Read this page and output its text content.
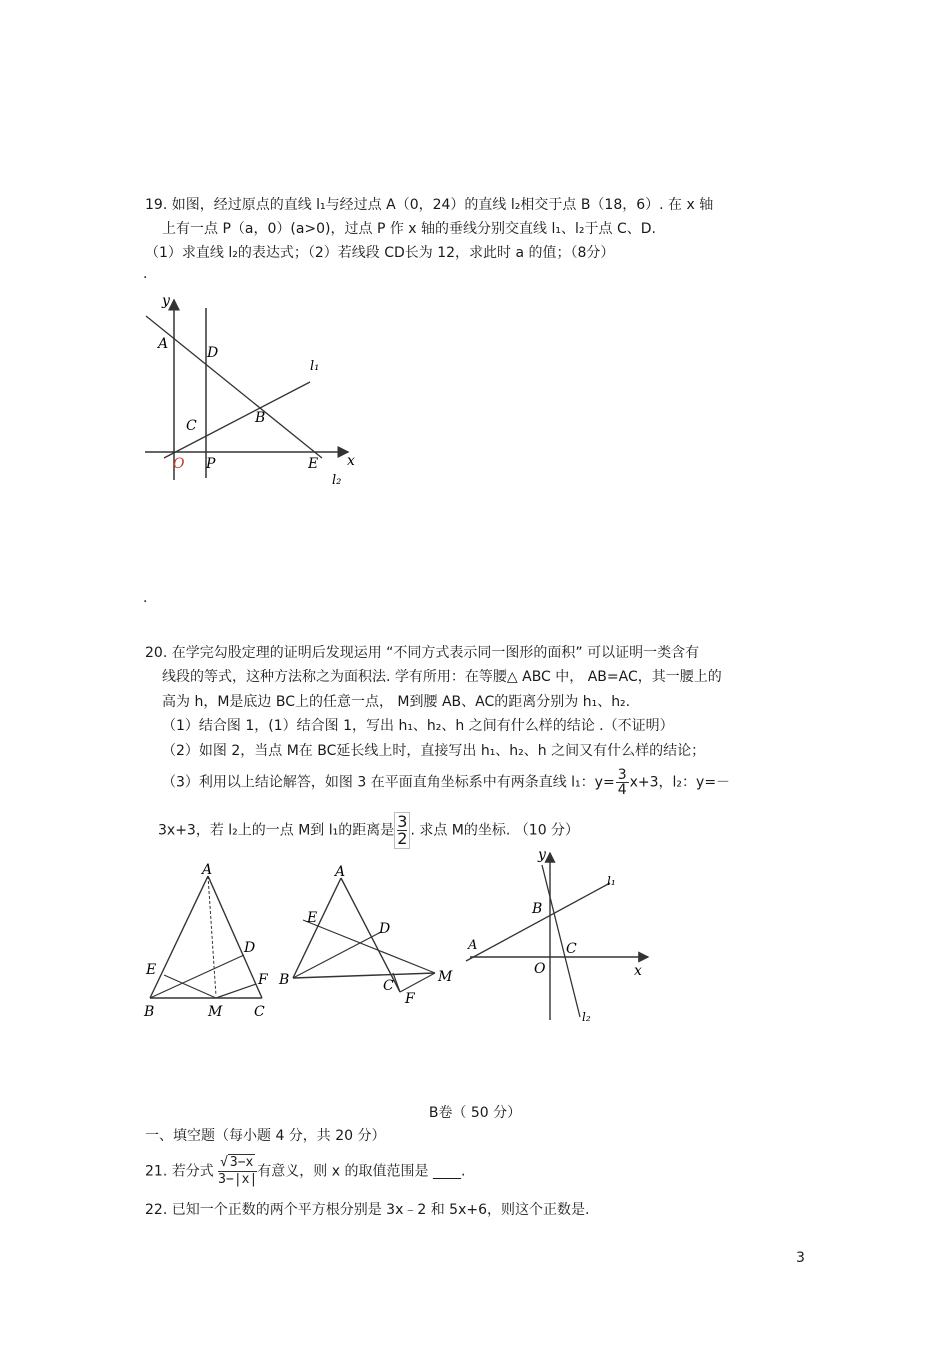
19. 如图，经过原点的直线 l₁与经过点 A（0，24）的直线 l₂相交于点 B（18，6）. 在 x 轴
上有一点 P（a，0）(a>0)，过点 P 作 x 轴的垂线分别交直线 l₁、l₂于点 C、D.
（1）求直线 l₂的表达式；（2）若线段 CD长为 12，求此时 a 的值；（8分）
.
y
A
D
l₁
B
C
O P	E x
l₂
.
20. 在学完勾股定理的证明后发现运用 “不同方式表示同一图形的面积” 可以证明一类含有
线段的等式，这种方法称之为面积法. 学有所用：在等腰△ ABC 中， AB=AC，其一腰上的
高为 h，M是底边 BC上的任意一点， M到腰 AB、AC的距离分别为 h₁、h₂.
（1）结合图 1，(1）结合图 1，写出 h₁、h₂、h 之间有什么样的结论 .（不证明）
（2）如图 2，当点 M在 BC延长线上时，直接写出 h₁、h₂、h 之间又有什么样的结论；
（3）利用以上结论解答，如图 3 在平面直角坐标系中有两条直线 l₁：$y= \frac{3}{4} x+3$，l₂：y=－
3x+3，若 l₂上的一点 M到 l₁的距离是 $\frac{3}{2}$. 求点 M的坐标. （10 分）
A
D
E
F
B	M C
A
E
D
B	C
F
M
y
l₁
B
A	C
O	x
l₂
B卷（ 50 分）
一、填空题（每小题 4 分，共 20 分）
21. 若分式 $\frac{√ 3-x}{3-|x|}$ 有意义，则 x 的取值范围是 ____.
22. 已知一个正数的两个平方根分别是 3x﹣2 和 5x+6，则这个正数是.
3
